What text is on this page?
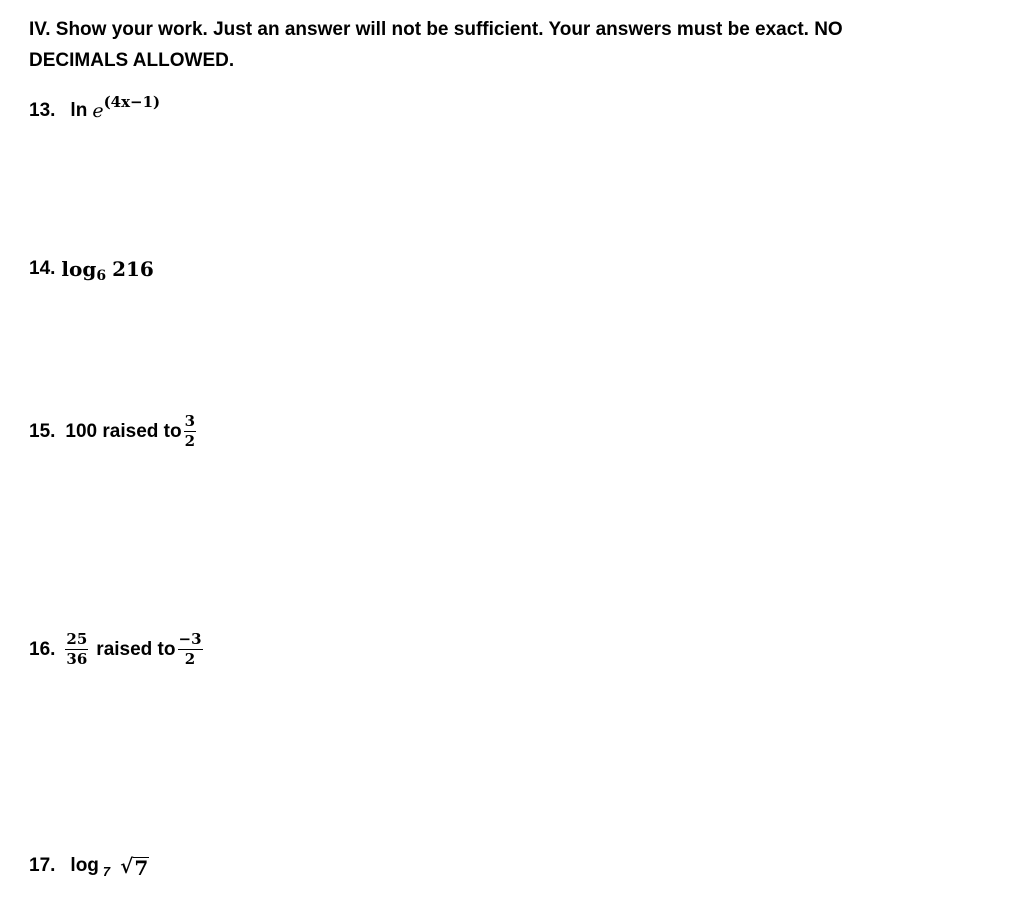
IV. Show your work. Just an answer will not be sufficient. Your answers must be exact. NO
DECIMALS ALLOWED.
13. ln e (4x−1)
14. log 6 216
15. 100 raised to $\frac{3}{2}$
16. $\frac{25}{36}$ raised to $\frac{-3}{2}$
17. log 7 √ 7
